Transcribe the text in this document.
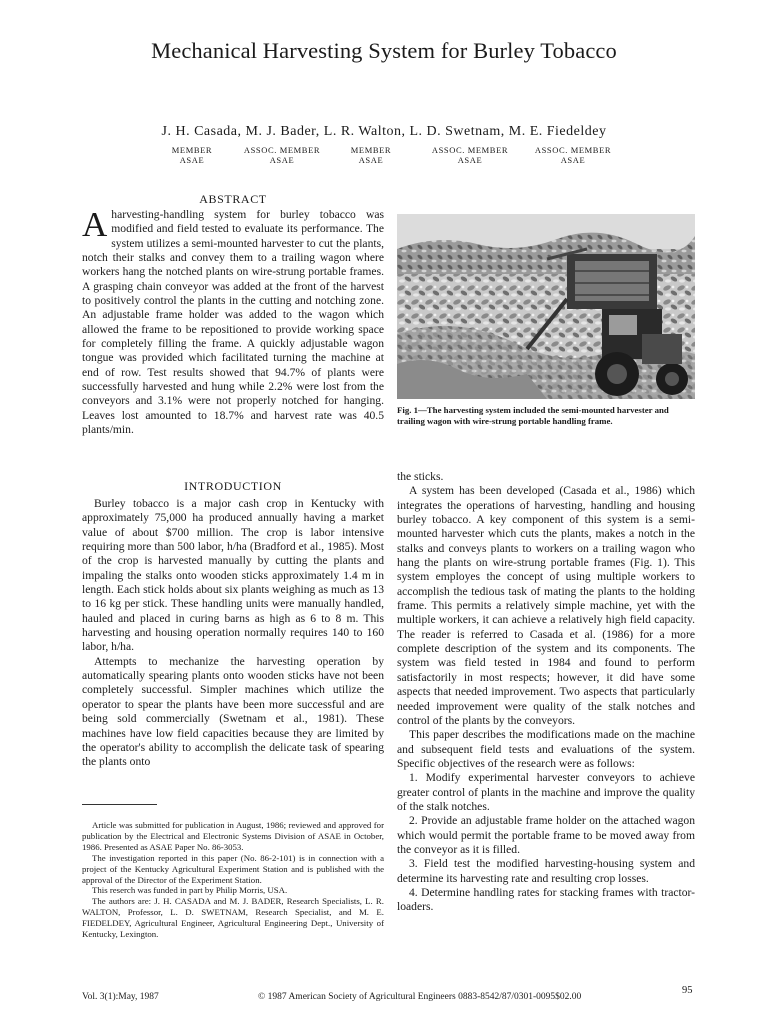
Mechanical Harvesting System for Burley Tobacco
J. H. Casada, M. J. Bader, L. R. Walton, L. D. Swetnam, M. E. Fiedeldey
MEMBER
ASAE
ASSOC. MEMBER
ASAE
MEMBER
ASAE
ASSOC. MEMBER
ASAE
ASSOC. MEMBER
ASAE
ABSTRACT

Aharvesting-handling system for burley tobacco was modified and field tested to evaluate its performance. The system utilizes a semi-mounted harvester to cut the plants, notch their stalks and convey them to a trailing wagon where workers hang the notched plants on wire-strung portable frames. A grasping chain conveyor was added at the front of the harvest to positively control the plants in the cutting and notching zone. An adjustable frame holder was added to the wagon which allowed the frame to be repositioned to provide working space for completely filling the frame. A quickly adjustable wagon tongue was provided which facilitated turning the machine at end of row. Test results showed that 94.7% of plants were successfully harvested and hung while 2.2% were lost from the conveyors and 3.1% were not properly notched for hanging. Leaves lost amounted to 18.7% and harvest rate was 40.5 plants/min.

Fig. 1—The harvesting system included the semi-mounted harvester and trailing wagon with wire-strung portable handling frame.
INTRODUCTION

Burley tobacco is a major cash crop in Kentucky with approximately 75,000 ha produced annually having a market value of about $700 million. The crop is labor intensive requiring more than 500 labor, h/ha (Bradford et al., 1985). Most of the crop is harvested manually by cutting the plants and impaling the stalks onto wooden sticks approximately 1.4 m in length. Each stick holds about six plants weighing as much as 13 to 16 kg per stick. These handling units were manually handled, hauled and placed in curing barns as high as 6 to 8 m. This harvesting and housing operation normally requires 140 to 160 labor, h/ha.

Attempts to mechanize the harvesting operation by automatically spearing plants onto wooden sticks have not been completely successful. Simpler machines which utilize the operator to spear the plants have been more successful and are being sold commercially (Swetnam et al., 1981). These machines have low field capacities because they are limited by the operator's ability to accomplish the delicate task of spearing the plants onto

the sticks.

A system has been developed (Casada et al., 1986) which integrates the operations of harvesting, handling and housing burley tobacco. A key component of this system is a semi-mounted harvester which cuts the plants, makes a notch in the stalks and conveys plants to workers on a trailing wagon who hang the plants on wire-strung portable frames (Fig. 1). This system employes the concept of using multiple workers to accomplish the tedious task of mating the plants to the holding frame. This permits a relatively simple machine, yet with the multiple workers, it can achieve a relatively high field capacity. The reader is referred to Casada et al. (1986) for a more complete description of the system and its components. The system was field tested in 1984 and found to perform satisfactorily in most respects; however, it did have some aspects that needed improvement. Two aspects that particularly needed improvement were quality of the stalk notches and control of the plants by the conveyors.

This paper describes the modifications made on the machine and subsequent field tests and evaluations of the system. Specific objectives of the research were as follows:

1. Modify experimental harvester conveyors to achieve greater control of plants in the machine and improve the quality of the stalk notches.

2. Provide an adjustable frame holder on the attached wagon which would permit the portable frame to be moved away from the conveyor as it is filled.

3. Field test the modified harvesting-housing system and determine its harvesting rate and resulting crop losses.

4. Determine handling rates for stacking frames with tractor-loaders.

Article was submitted for publication in August, 1986; reviewed and approved for publication by the Electrical and Electronic Systems Division of ASAE in October, 1986. Presented as ASAE Paper No. 86-3053.

The investigation reported in this paper (No. 86-2-101) is in connection with a project of the Kentucky Agricultural Experiment Station and is published with the approval of the Director of the Experiment Station.

This reserch was funded in part by Philip Morris, USA.

The authors are: J. H. CASADA and M. J. BADER, Research Specialists, L. R. WALTON, Professor, L. D. SWETNAM, Research Specialist, and M. E. FIEDELDEY, Agricultural Engineer, Agricultural Engineering Dept., University of Kentucky, Lexington.

Vol. 3(1):May, 1987	© 1987 American Society of Agricultural Engineers 0883-8542/87/0301-0095$02.00
95
